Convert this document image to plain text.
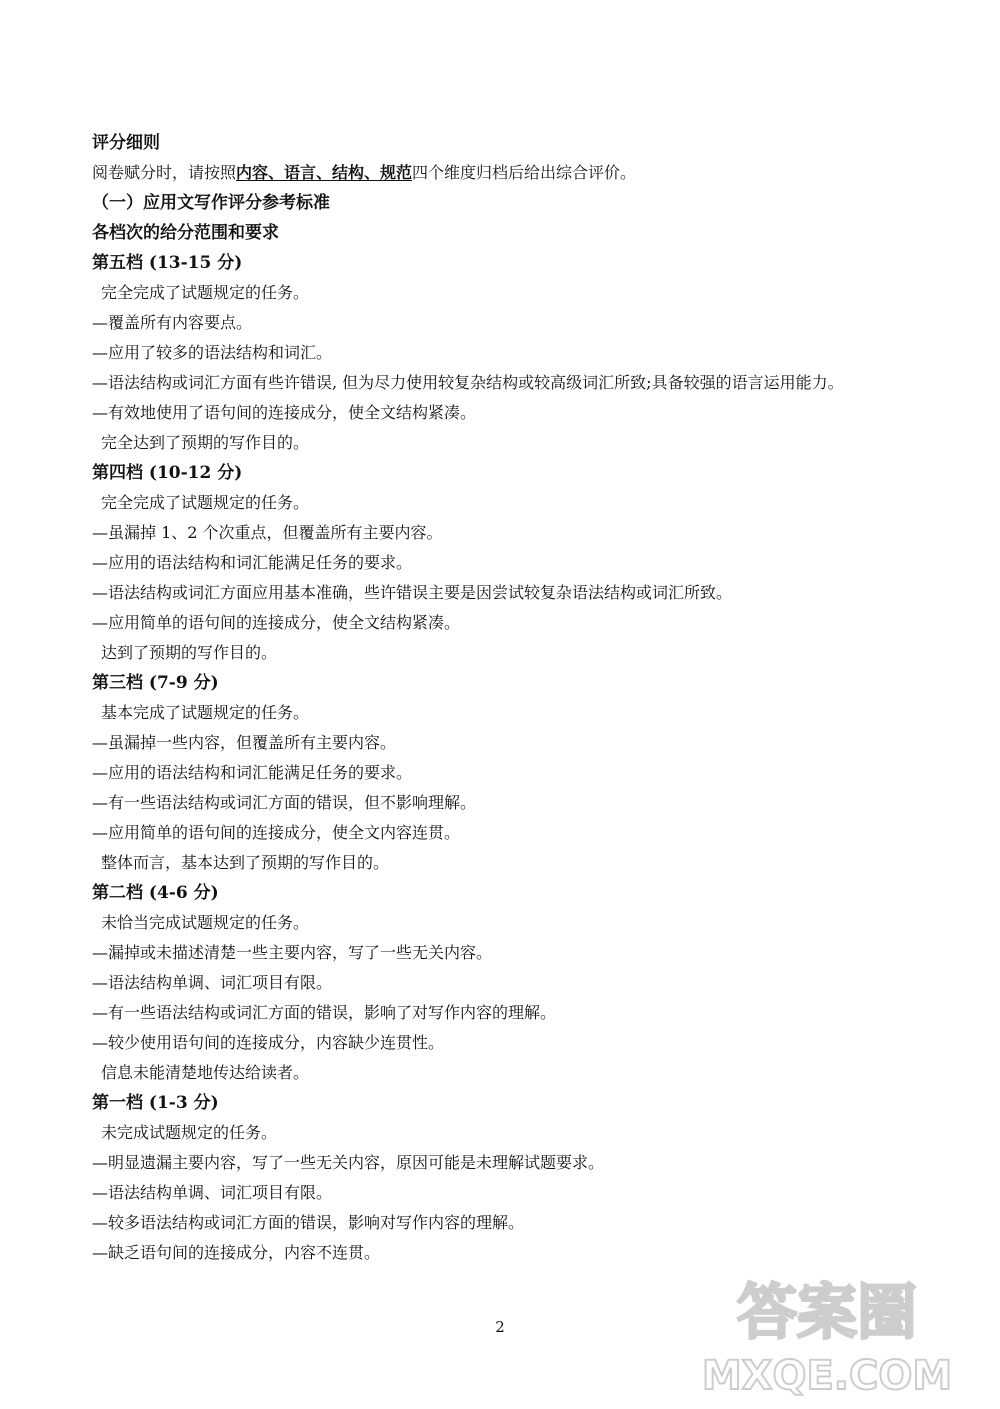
评分细则
阅卷赋分时，请按照内容、语言、结构、规范四个维度归档后给出综合评价。
（一）应用文写作评分参考标准
各档次的给分范围和要求
第五档 (13-15 分)
完全完成了试题规定的任务。
—覆盖所有内容要点。
—应用了较多的语法结构和词汇。
—语法结构或词汇方面有些许错误, 但为尽力使用较复杂结构或较高级词汇所致;具备较强的语言运用能力。
—有效地使用了语句间的连接成分，使全文结构紧凑。
完全达到了预期的写作目的。
第四档 (10-12 分)
完全完成了试题规定的任务。
—虽漏掉 1、2 个次重点，但覆盖所有主要内容。
—应用的语法结构和词汇能满足任务的要求。
—语法结构或词汇方面应用基本准确，些许错误主要是因尝试较复杂语法结构或词汇所致。
—应用简单的语句间的连接成分，使全文结构紧凑。
达到了预期的写作目的。
第三档 (7-9 分)
基本完成了试题规定的任务。
—虽漏掉一些内容，但覆盖所有主要内容。
—应用的语法结构和词汇能满足任务的要求。
—有一些语法结构或词汇方面的错误，但不影响理解。
—应用简单的语句间的连接成分，使全文内容连贯。
整体而言，基本达到了预期的写作目的。
第二档 (4-6 分)
未恰当完成试题规定的任务。
—漏掉或未描述清楚一些主要内容，写了一些无关内容。
—语法结构单调、词汇项目有限。
—有一些语法结构或词汇方面的错误，影响了对写作内容的理解。
—较少使用语句间的连接成分，内容缺少连贯性。
信息未能清楚地传达给读者。
第一档 (1-3 分)
未完成试题规定的任务。
—明显遗漏主要内容，写了一些无关内容，原因可能是未理解试题要求。
—语法结构单调、词汇项目有限。
—较多语法结构或词汇方面的错误，影响对写作内容的理解。
—缺乏语句间的连接成分，内容不连贯。
2	答案圈
MXQE.COM
